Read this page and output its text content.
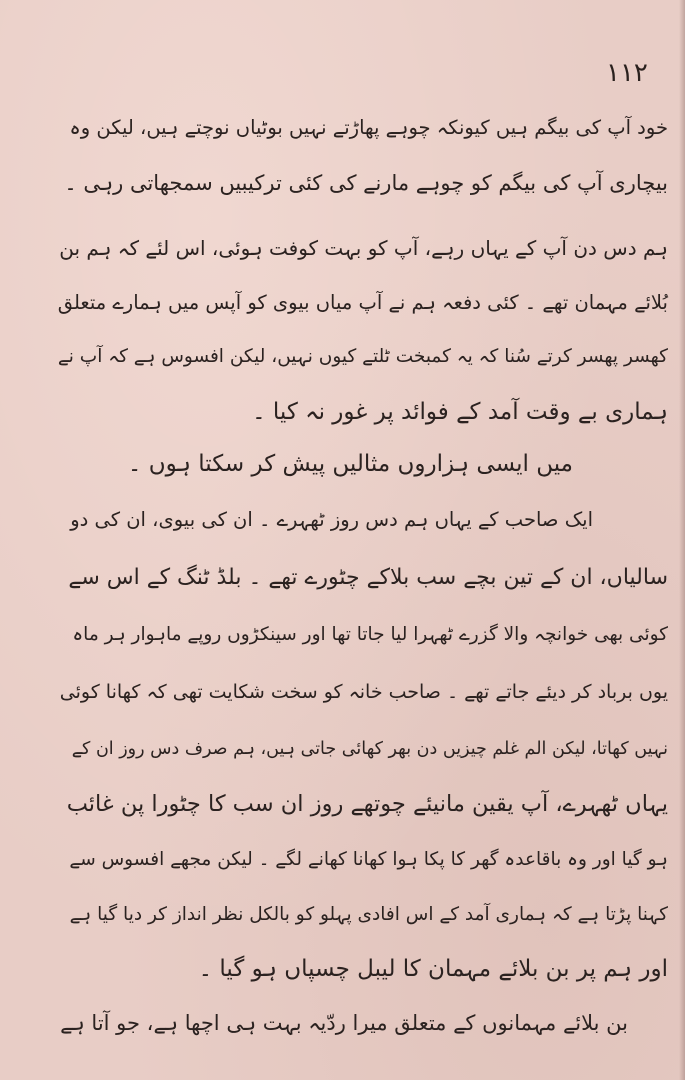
۱۱۲
خود آپ کی بیگم ہیں کیونکہ چوہے پھاڑتے نہیں بوٹیاں نوچتے ہیں، لیکن وہ
بیچاری آپ کی بیگم کو چوہے مارنے کی کئی ترکیبیں سمجھاتی رہی ۔
ہم دس دن آپ کے یہاں رہے، آپ کو بہت کوفت ہوئی، اس لئے کہ ہم بن
بُلائے مہمان تھے ۔ کئی دفعہ ہم نے آپ میاں بیوی کو آپس میں ہمارے متعلق
کھسر پھسر کرتے سُنا کہ یہ کمبخت ٹلتے کیوں نہیں، لیکن افسوس ہے کہ آپ نے
ہماری بے وقت آمد کے فوائد پر غور نہ کیا ۔
میں ایسی ہزاروں مثالیں پیش کر سکتا ہوں ۔
ایک صاحب کے یہاں ہم دس روز ٹھہرے ۔ ان کی بیوی، ان کی دو
سالیاں، ان کے تین بچے سب بلاکے چٹورے تھے ۔ بلڈ ٹنگ کے اس سے
کوئی بھی خوانچہ والا گزرے ٹھہرا لیا جاتا تھا اور سینکڑوں روپے ماہوار ہر ماہ
یوں برباد کر دیئے جاتے تھے ۔ صاحب خانہ کو سخت شکایت تھی کہ کھانا کوئی
نہیں کھاتا، لیکن الم غلم چیزیں دن بھر کھائی جاتی ہیں، ہم صرف دس روز ان کے
یہاں ٹھہرے، آپ یقین مانیئے چوتھے روز ان سب کا چٹورا پن غائب
ہو گیا اور وہ باقاعدہ گھر کا پکا ہوا کھانا کھانے لگے ۔ لیکن مجھے افسوس سے
کہنا پڑتا ہے کہ ہماری آمد کے اس افادی پہلو کو بالکل نظر انداز کر دیا گیا ہے
اور ہم پر بن بلائے مہمان کا لیبل چسپاں ہو گیا ۔
بن بلائے مہمانوں کے متعلق میرا ردّیہ بہت ہی اچھا ہے، جو آتا ہے
